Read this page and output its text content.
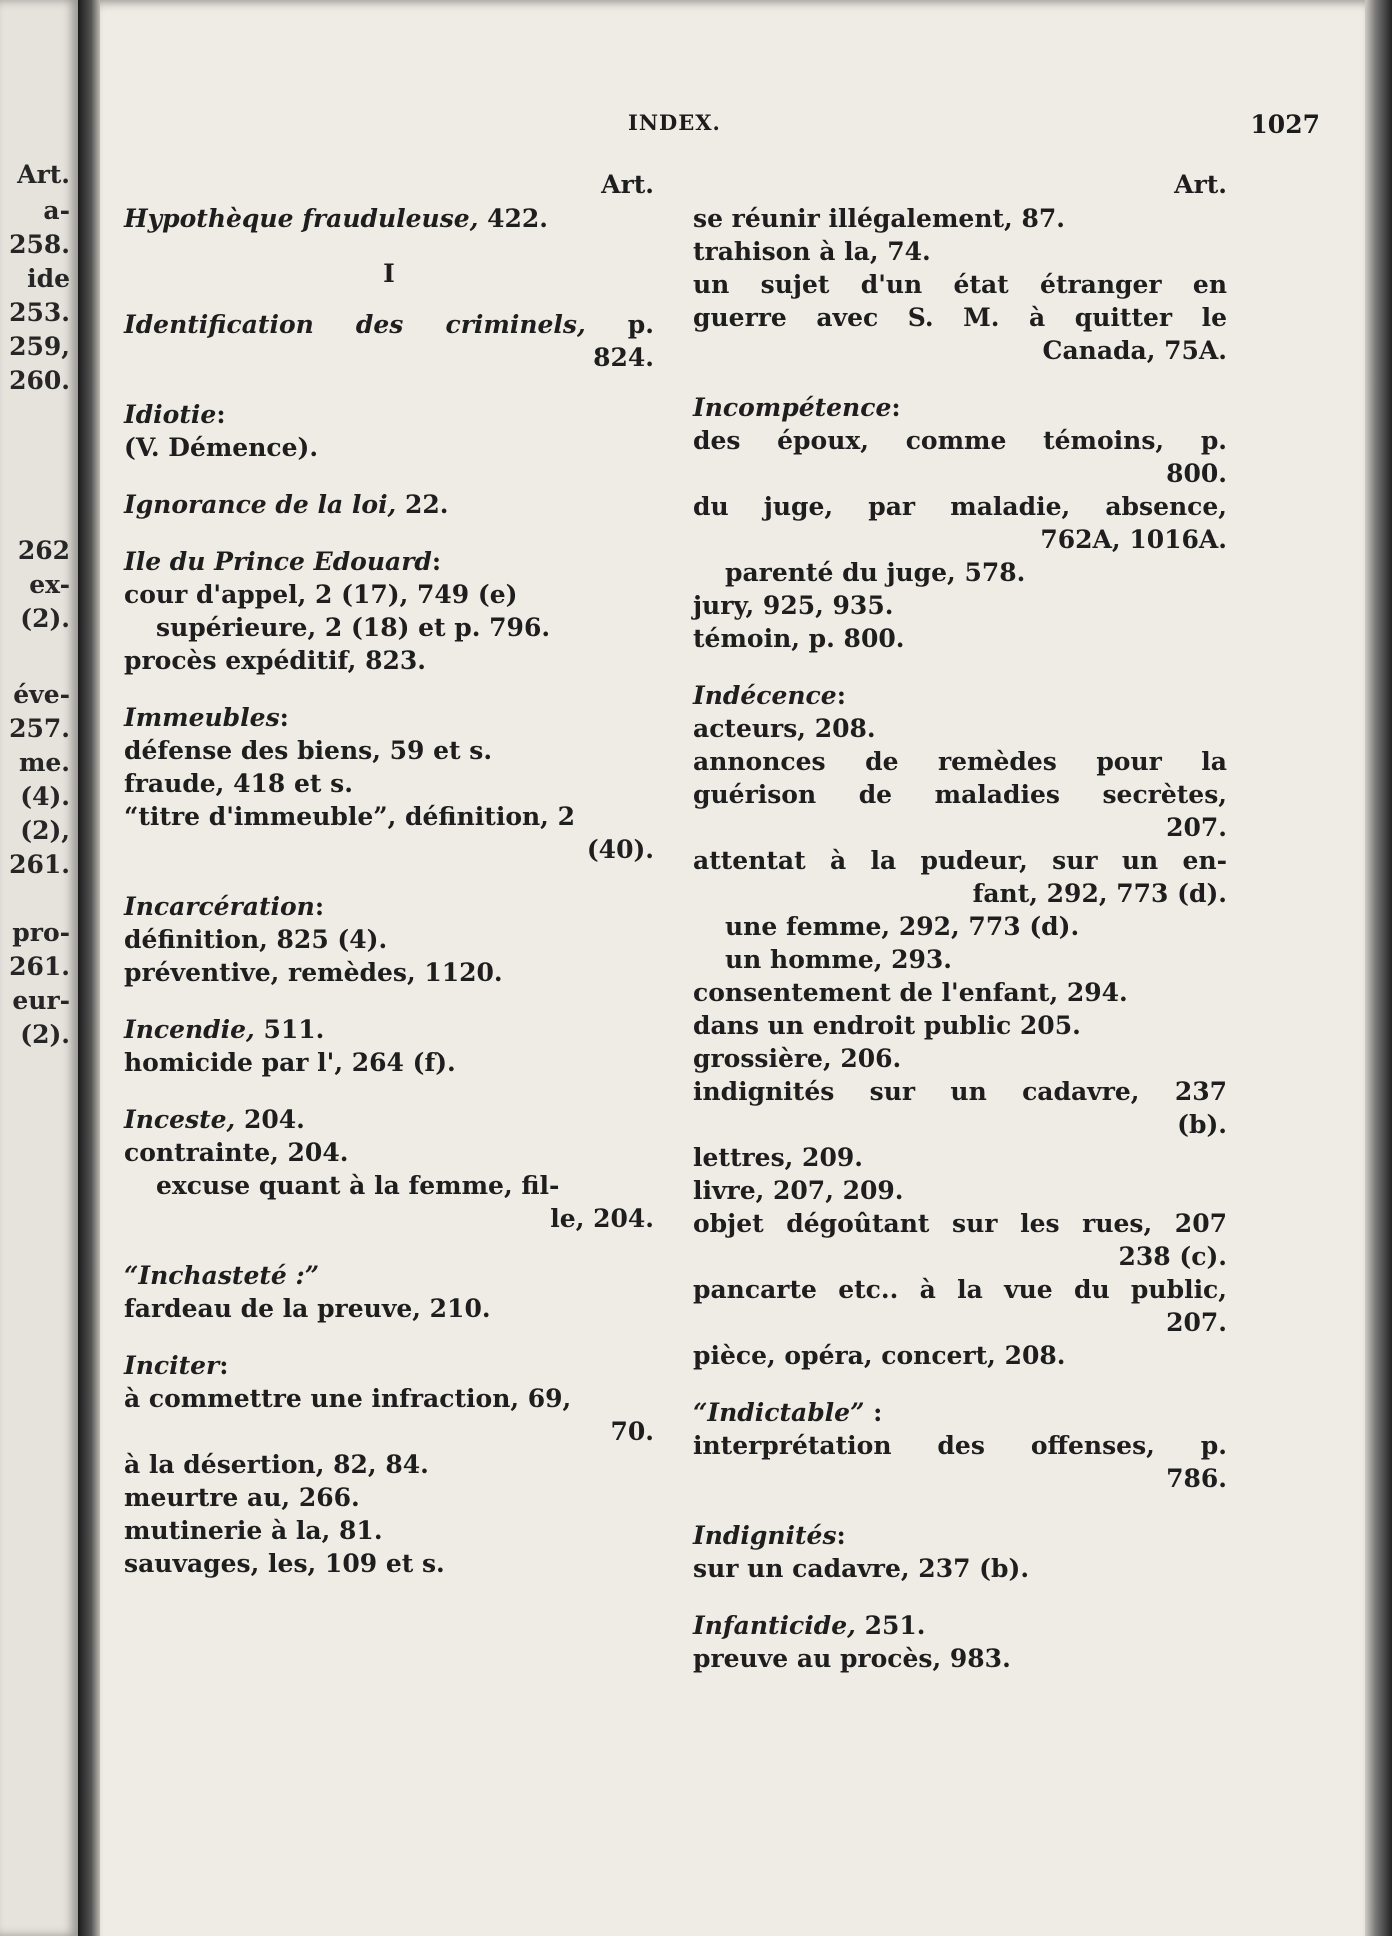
Art.
a-
258.
ide
253.
259,
260.
262
ex-
(2).
éve-
257.
me.
(4).
(2),
261.
pro-
261.
eur-
(2).
INDEX.	1027
Art.

Hypothèque frauduleuse, 422.

I

Identification des criminels, p.

824.

Idiotie:

(V. Démence).

Ignorance de la loi, 22.

Ile du Prince Edouard:

cour d'appel, 2 (17), 749 (e)

supérieure, 2 (18) et p. 796.

procès expéditif, 823.

Immeubles:

défense des biens, 59 et s.

fraude, 418 et s.

“titre d'immeuble”, définition, 2

(40).

Incarcération:

définition, 825 (4).

préventive, remèdes, 1120.

Incendie, 511.

homicide par l', 264 (f).

Inceste, 204.

contrainte, 204.

excuse quant à la femme, fil-

le, 204.

“Inchasteté :”

fardeau de la preuve, 210.

Inciter:

à commettre une infraction, 69,

70.

à la désertion, 82, 84.

meurtre au, 266.

mutinerie à la, 81.

sauvages, les, 109 et s.

Art.

se réunir illégalement, 87.

trahison à la, 74.

un sujet d'un état étranger en

guerre avec S. M. à quitter le

Canada, 75A.

Incompétence:

des époux, comme témoins, p.

800.

du juge, par maladie, absence,

762A, 1016A.

parenté du juge, 578.

jury, 925, 935.

témoin, p. 800.

Indécence:

acteurs, 208.

annonces de remèdes pour la

guérison de maladies secrètes,

207.

attentat à la pudeur, sur un en-

fant, 292, 773 (d).

une femme, 292, 773 (d).

un homme, 293.

consentement de l'enfant, 294.

dans un endroit public 205.

grossière, 206.

indignités sur un cadavre, 237

(b).

lettres, 209.

livre, 207, 209.

objet dégoûtant sur les rues, 207

238 (c).

pancarte etc.. à la vue du public,

207.

pièce, opéra, concert, 208.

“Indictable” :

interprétation des offenses, p.

786.

Indignités:

sur un cadavre, 237 (b).

Infanticide, 251.

preuve au procès, 983.
